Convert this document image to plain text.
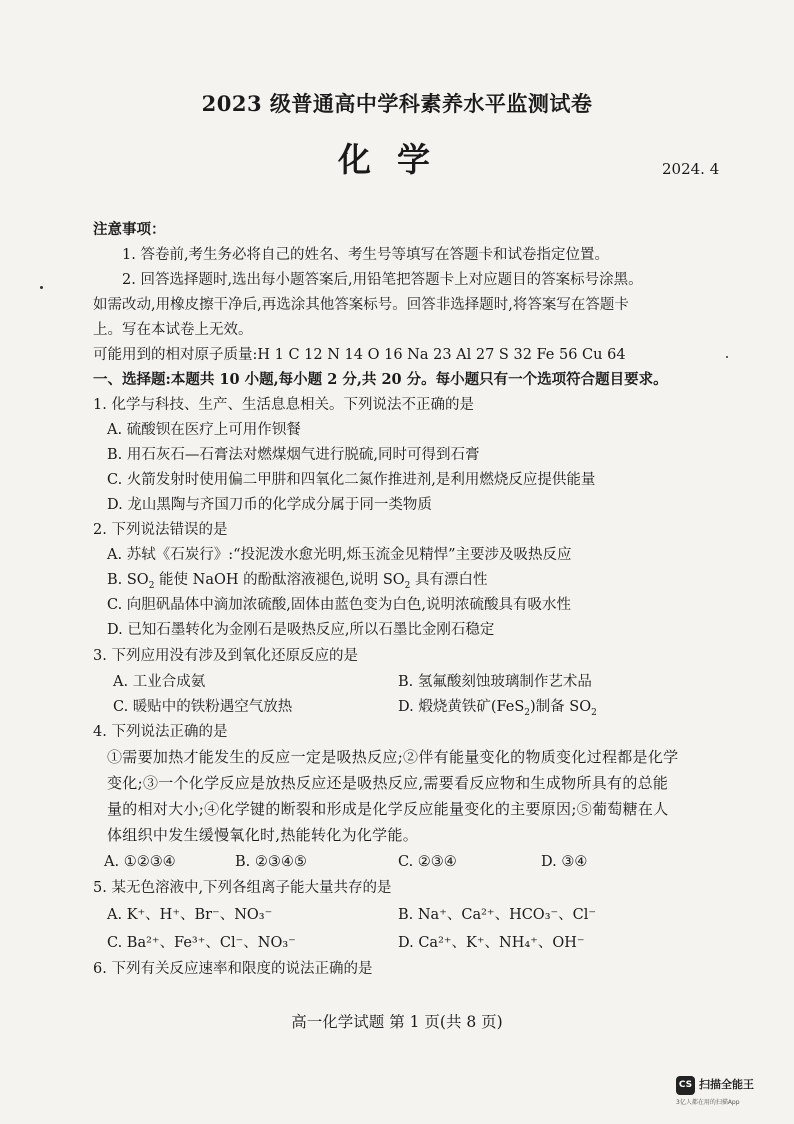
2023 级普通高中学科素养水平监测试卷
化学	2024. 4
注意事项：
1. 答卷前,考生务必将自己的姓名、考生号等填写在答题卡和试卷指定位置。
2. 回答选择题时,选出每小题答案后,用铅笔把答题卡上对应题目的答案标号涂黑。
如需改动,用橡皮擦干净后,再选涂其他答案标号。回答非选择题时,将答案写在答题卡
上。写在本试卷上无效。
可能用到的相对原子质量:H 1 C 12 N 14 O 16 Na 23 Al 27 S 32 Fe 56 Cu 64
一、选择题:本题共 10 小题,每小题 2 分,共 20 分。每小题只有一个选项符合题目要求。
1. 化学与科技、生产、生活息息相关。下列说法不正确的是
A. 硫酸钡在医疗上可用作钡餐
B. 用石灰石—石膏法对燃煤烟气进行脱硫,同时可得到石膏
C. 火箭发射时使用偏二甲肼和四氧化二氮作推进剂,是利用燃烧反应提供能量
D. 龙山黑陶与齐国刀币的化学成分属于同一类物质
2. 下列说法错误的是
A. 苏轼《石炭行》:“投泥泼水愈光明,烁玉流金见精悍”主要涉及吸热反应
B. $SO_2$ 能使 NaOH 的酚酞溶液褪色,说明 $SO_2$ 具有漂白性
C. 向胆矾晶体中滴加浓硫酸,固体由蓝色变为白色,说明浓硫酸具有吸水性
D. 已知石墨转化为金刚石是吸热反应,所以石墨比金刚石稳定
3. 下列应用没有涉及到氧化还原反应的是
A. 工业合成氨	B. 氢氟酸刻蚀玻璃制作艺术品
C. 暖贴中的铁粉遇空气放热	D. 煅烧黄铁矿(FeS$_2$)制备 $SO_2$
4. 下列说法正确的是
①需要加热才能发生的反应一定是吸热反应;②伴有能量变化的物质变化过程都是化学
变化;③一个化学反应是放热反应还是吸热反应,需要看反应物和生成物所具有的总能
量的相对大小;④化学键的断裂和形成是化学反应能量变化的主要原因;⑤葡萄糖在人
体组织中发生缓慢氧化时,热能转化为化学能。
A. ①②③④	B. ②③④⑤	C. ②③④	D. ③④
5. 某无色溶液中,下列各组离子能大量共存的是
A. K⁺、H⁺、Br⁻、NO₃⁻	B. Na⁺、Ca²⁺、HCO₃⁻、Cl⁻
C. Ba²⁺、Fe³⁺、Cl⁻、NO₃⁻	D. Ca²⁺、K⁺、NH₄⁺、OH⁻
6. 下列有关反应速率和限度的说法正确的是
高一化学试题 第 1 页(共 8 页)
CS 扫描全能王
3亿人都在用的扫描App
